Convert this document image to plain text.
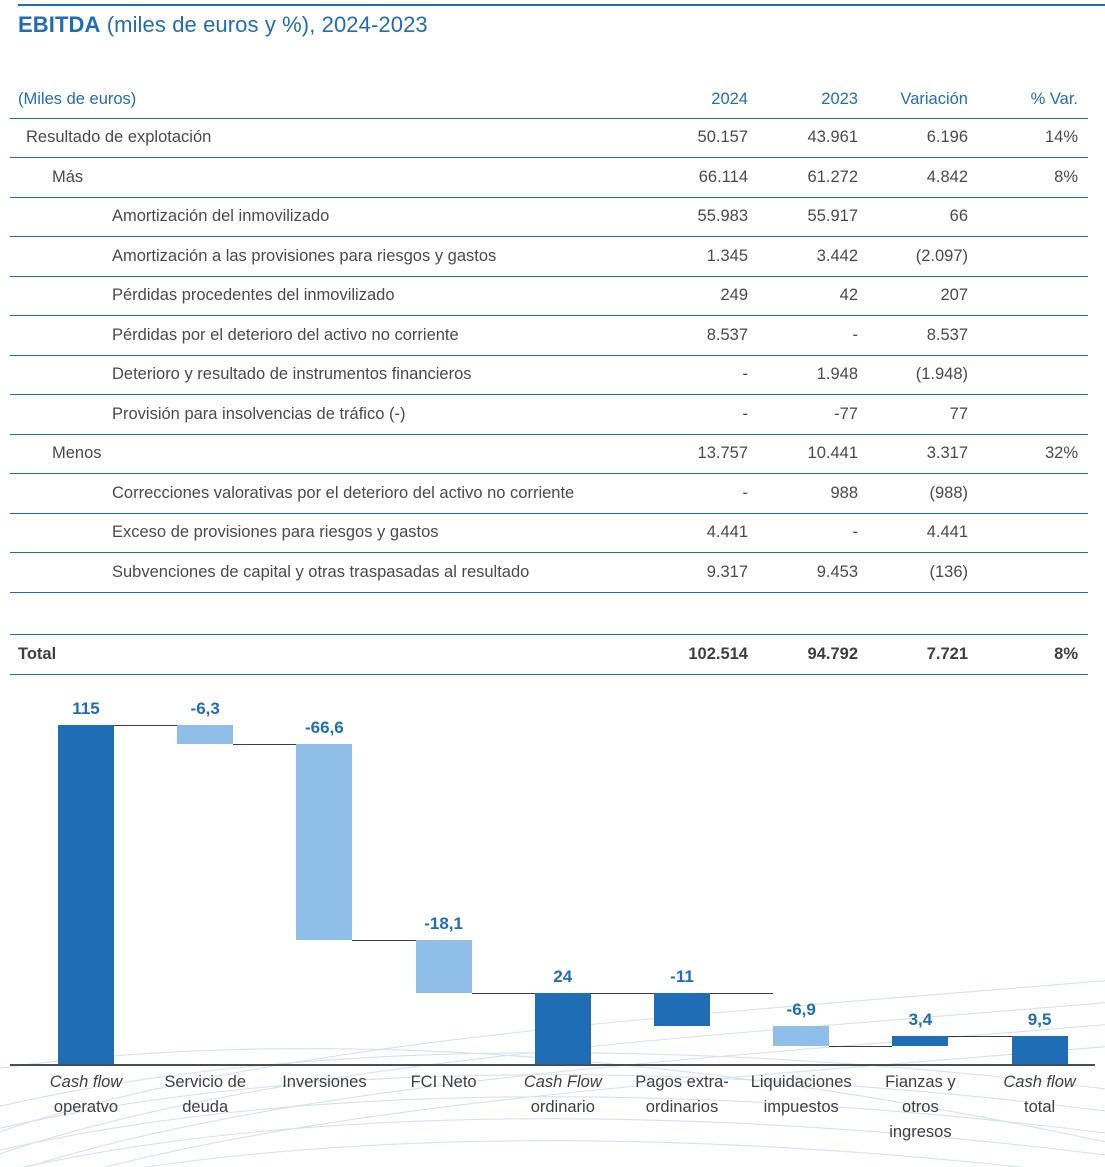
EBITDA (miles de euros y %), 2024-2023
(Miles de euros)	2024	2023	Variación	% Var.
Resultado de explotación	50.157	43.961	6.196	14%
Más	66.114	61.272	4.842	8%
Amortización del inmovilizado	55.983	55.917	66	
Amortización a las provisiones para riesgos y gastos	1.345	3.442	(2.097)	
Pérdidas procedentes del inmovilizado	249	42	207	
Pérdidas por el deterioro del activo no corriente	8.537	-	8.537	
Deterioro y resultado de instrumentos financieros	-	1.948	(1.948)	
Provisión para insolvencias de tráfico (-)	-	-77	77	
Menos	13.757	10.441	3.317	32%
Correcciones valorativas por el deterioro del activo no corriente	-	988	(988)	
Exceso de provisiones para riesgos y gastos	4.441	-	4.441	
Subvenciones de capital y otras traspasadas al resultado	9.317	9.453	(136)	

Total	102.514	94.792	7.721	8%
115	-6,3
-66,6
-18,1
24	-11
-6,9
3,4	9,5
Cash flow
operatvo
Servicio de
deuda
Inversiones	FCI Neto	Cash Flow
ordinario
Pagos extra-
ordinarios
Liquidaciones
impuestos
Fianzas y
otros
ingresos
Cash flow
total
